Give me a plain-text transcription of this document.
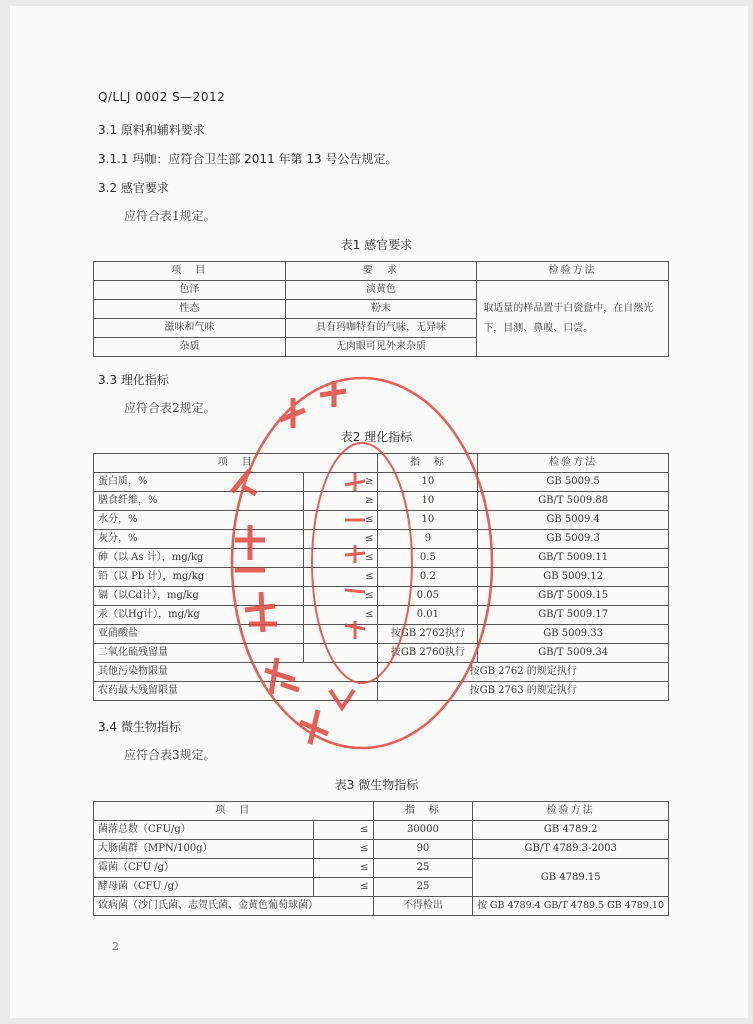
Q/LLJ 0002 S—2012
3.1 原料和辅料要求
3.1.1 玛咖：应符合卫生部 2011 年第 13 号公告规定。
3.2 感官要求
应符合表1规定。
表1 感官要求
项　目	要　求	检验方法
色泽	淡黄色	取适量的样品置于白瓷盘中，在自然光下，目测、鼻嗅、口尝。
性态	粉末	
滋味和气味	具有玛咖特有的气味，无异味	
杂质	无肉眼可见外来杂质	
3.3 理化指标
应符合表2规定。
表2 理化指标
项　目		指　标	检验方法
蛋白质，%	≥	10	GB 5009.5
膳食纤维，%	≥	10	GB/T 5009.88
水分，%	≤	10	GB 5009.4
灰分，%	≤	9	GB 5009.3
砷（以 As 计），mg/kg	≤	0.5	GB/T 5009.11
铅（以 Pb 计），mg/kg	≤	0.2	GB 5009.12
镉（以Cd计），mg/kg	≤	0.05	GB/T 5009.15
汞（以Hg计），mg/kg	≤	0.01	GB/T 5009.17
亚硝酸盐		按GB 2762执行	GB 5009.33
二氧化硫残留量		按GB 2760执行	GB/T 5009.34
其他污染物限量		按GB 2762 的规定执行	
农药最大残留限量		按GB 2763 的规定执行	
3.4 微生物指标
应符合表3规定。
表3 微生物指标
项　目		指　标	检验方法
菌落总数（CFU/g）	≤	30000	GB 4789.2
大肠菌群（MPN/100g）	≤	90	GB/T 4789.3-2003
霉菌（CFU /g）	≤	25	GB 4789.15
酵母菌（CFU /g）	≤	25	
致病菌（沙门氏菌、志贺氏菌、金黄色葡萄球菌）		不得检出	按 GB 4789.4 GB/T 4789.5 GB 4789.10
2
